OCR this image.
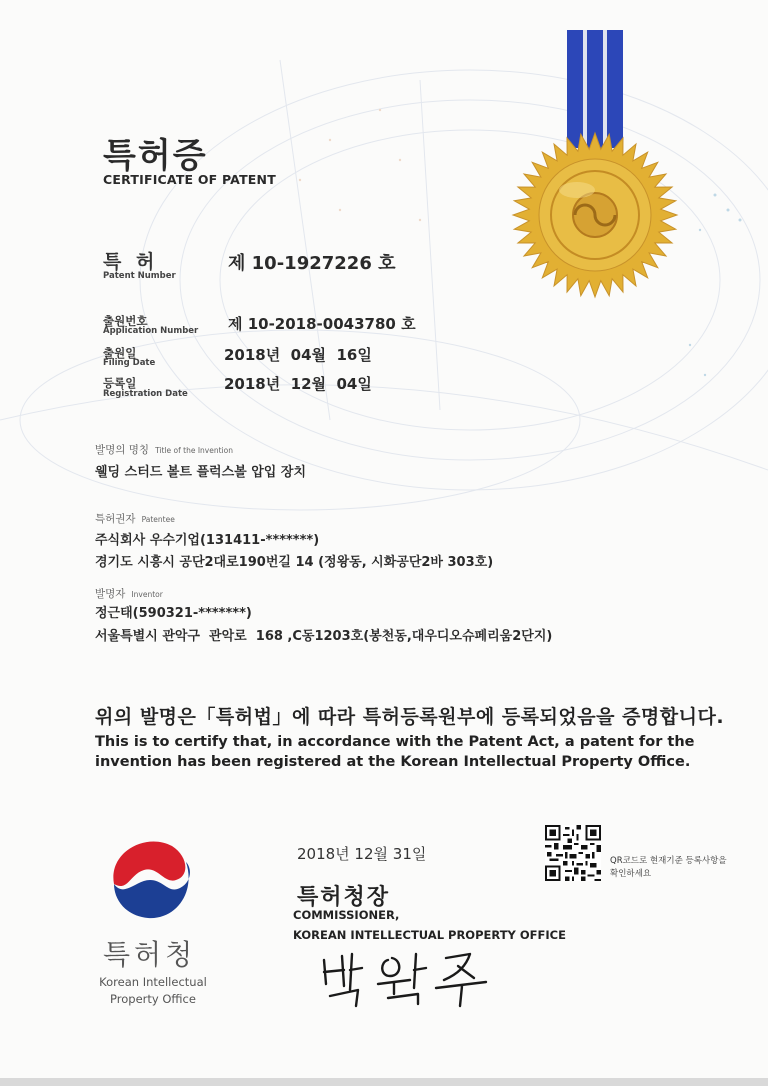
특허증
CERTIFICATE OF PATENT
특 허
Patent Number
제 10-1927226 호
출원번호
Application Number 제 10-2018-0043780 호
출원일
Filing Date	2018년  04월  16일
등록일
Registration Date
2018년  12월  04일
발명의 명칭 Title of the Invention
웰딩 스터드 볼트 플럭스볼 압입 장치
특허권자 Patentee
주식회사 우수기업(131411-*******)
경기도 시흥시 공단2대로190번길 14 (정왕동, 시화공단2바 303호)
발명자 Inventor
정근태(590321-*******)
서울특별시 관악구  관악로  168 ,C동1203호(봉천동,대우디오슈페리움2단지)
위의 발명은「특허법」에 따라 특허등록원부에 등록되었음을 증명합니다.
This is to certify that, in accordance with the Patent Act, a patent for the invention has been registered at the Korean Intellectual Property Office.
특허청
Korean Intellectual Property Office
2018년 12월 31일
특허청장
COMMISSIONER,
KOREAN INTELLECTUAL PROPERTY OFFICE
QR코드로 현재기준 등록사항을 확인하세요
